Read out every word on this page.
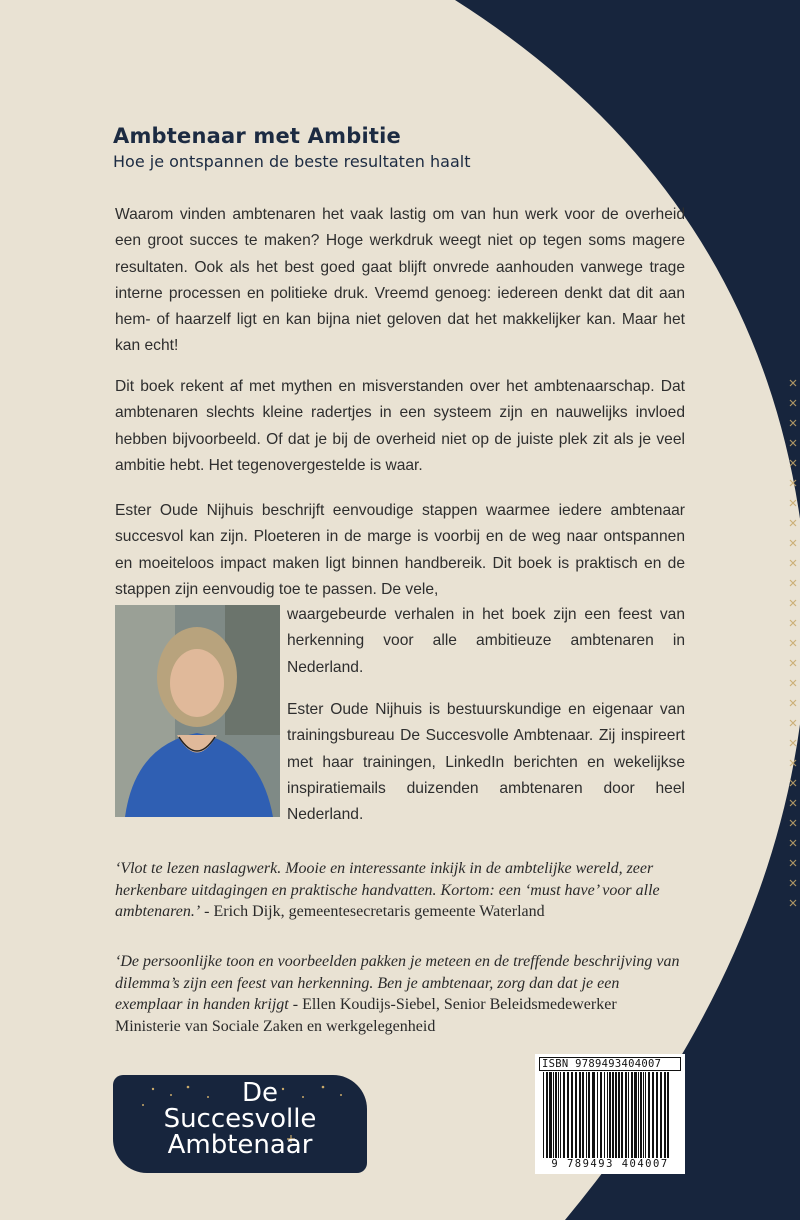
Ambtenaar met Ambitie
Hoe je ontspannen de beste resultaten haalt

Waarom vinden ambtenaren het vaak lastig om van hun werk voor de overheid een groot succes te maken? Hoge werkdruk weegt niet op tegen soms magere resultaten. Ook als het best goed gaat blijft onvrede aanhouden vanwege trage interne processen en politieke druk. Vreemd genoeg: iedereen denkt dat dit aan hem- of haarzelf ligt en kan bijna niet geloven dat het makkelijker kan. Maar het kan echt!

Dit boek rekent af met mythen en misverstanden over het ambtenaarschap. Dat ambtenaren slechts kleine radertjes in een systeem zijn en nauwelijks invloed hebben bijvoorbeeld. Of dat je bij de overheid niet op de juiste plek zit als je veel ambitie hebt. Het tegenovergestelde is waar.

Ester Oude Nijhuis beschrijft eenvoudige stappen waarmee iedere ambtenaar succesvol kan zijn. Ploeteren in de marge is voorbij en de weg naar ontspannen en moeiteloos impact maken ligt binnen handbereik. Dit boek is praktisch en de stappen zijn eenvoudig toe te passen. De vele,

waargebeurde verhalen in het boek zijn een feest van herkenning voor alle ambitieuze ambtenaren in Nederland.

Ester Oude Nijhuis is bestuurskundige en eigenaar van trainingsbureau De Succesvolle Ambtenaar. Zij inspireert met haar trainingen, LinkedIn berichten en wekelijkse inspiratiemails duizenden ambtenaren door heel Nederland.

‘Vlot te lezen naslagwerk. Mooie en interessante inkijk in de ambtelijke wereld, zeer herkenbare uitdagingen en praktische handvatten. Kortom: een ‘must have’ voor alle ambtenaren.’ - Erich Dijk, gemeentesecretaris gemeente Waterland

‘De persoonlijke toon en voorbeelden pakken je meteen en de treffende beschrijving van dilemma’s zijn een feest van herkenning. Ben je ambtenaar, zorg dan dat je een exemplaar in handen krijgt - Ellen Koudijs-Siebel, Senior Beleidsmedewerker Ministerie van Sociale Zaken en werkgelegenheid

De
Succesvolle
Ambtenaar
ISBN 9789493404007
9 789493 404007
